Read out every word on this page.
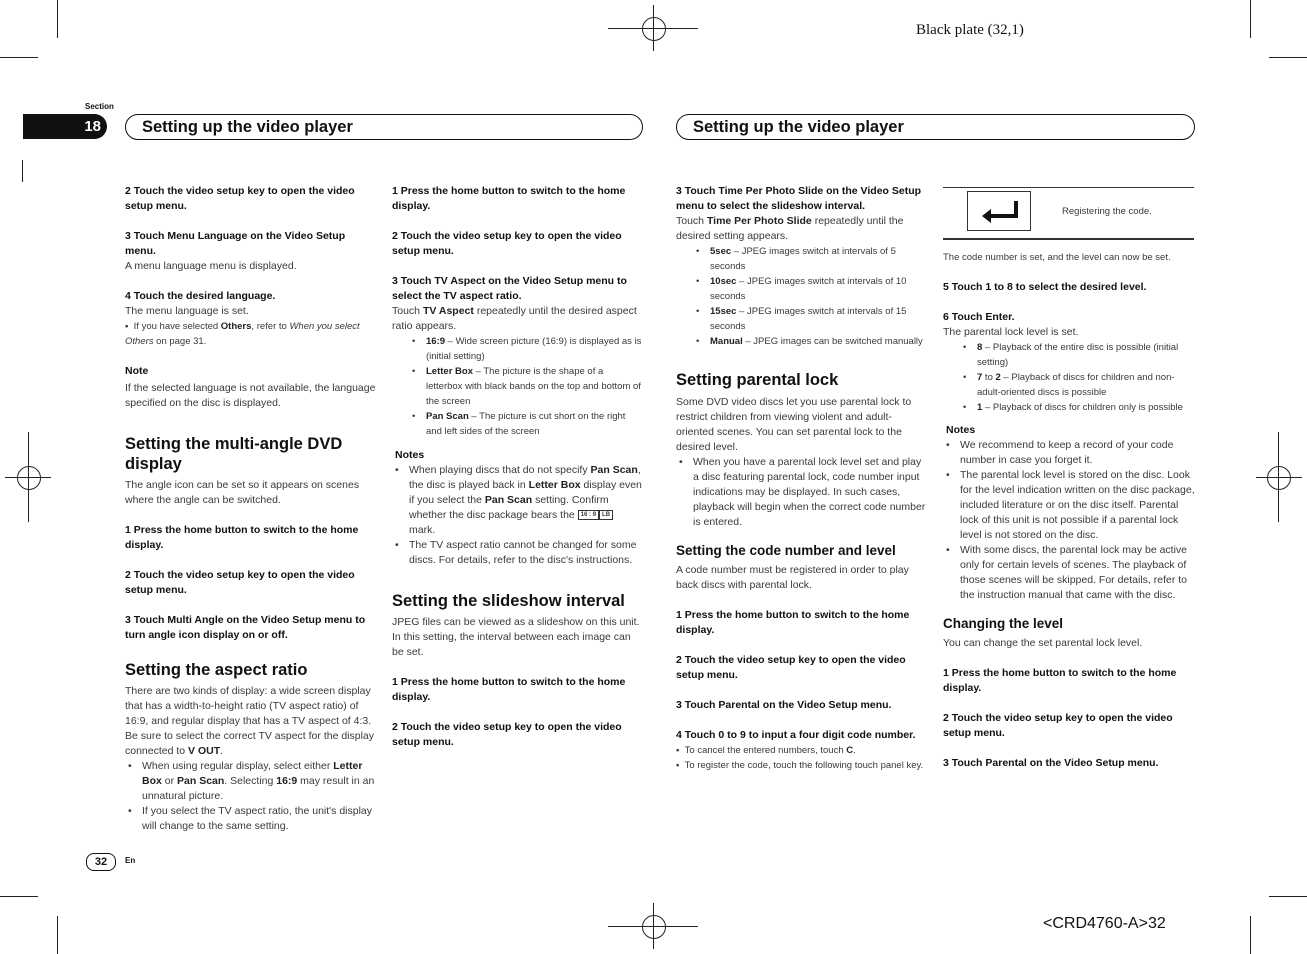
Black plate (32,1)
Section
18	Setting up the video player	Setting up the video player

2 Touch the video setup key to open the video setup menu.

3 Touch Menu Language on the Video Setup menu.

A menu language menu is displayed.

4 Touch the desired language.

The menu language is set.

▪  If you have selected Others, refer to When you select Others on page 31.

Note

If the selected language is not available, the language specified on the disc is displayed.

Setting the multi-angle DVD display

The angle icon can be set so it appears on scenes where the angle can be switched.

1 Press the home button to switch to the home display.

2 Touch the video setup key to open the video setup menu.

3 Touch Multi Angle on the Video Setup menu to turn angle icon display on or off.

Setting the aspect ratio

There are two kinds of display: a wide screen display that has a width-to-height ratio (TV aspect ratio) of 16:9, and regular display that has a TV aspect of 4:3. Be sure to select the correct TV aspect for the display connected to V OUT.

• When using regular display, select either Letter Box or Pan Scan. Selecting 16:9 may result in an unnatural picture.
• If you select the TV aspect ratio, the unit's display will change to the same setting.

1 Press the home button to switch to the home display.

2 Touch the video setup key to open the video setup menu.

3 Touch TV Aspect on the Video Setup menu to select the TV aspect ratio.

Touch TV Aspect repeatedly until the desired aspect ratio appears.

• 16:9 – Wide screen picture (16:9) is displayed as is (initial setting)
• Letter Box – The picture is the shape of a letterbox with black bands on the top and bottom of the screen
• Pan Scan – The picture is cut short on the right and left sides of the screen

Notes

• When playing discs that do not specify Pan Scan, the disc is played back in Letter Box display even if you select the Pan Scan setting. Confirm whether the disc package bears the 16 : 9 LB mark.
• The TV aspect ratio cannot be changed for some discs. For details, refer to the disc's instructions.
Setting the slideshow interval

JPEG files can be viewed as a slideshow on this unit. In this setting, the interval between each image can be set.

1 Press the home button to switch to the home display.

2 Touch the video setup key to open the video setup menu.

3 Touch Time Per Photo Slide on the Video Setup menu to select the slideshow interval.

Touch Time Per Photo Slide repeatedly until the desired setting appears.

• 5sec – JPEG images switch at intervals of 5 seconds
• 10sec – JPEG images switch at intervals of 10 seconds
• 15sec – JPEG images switch at intervals of 15 seconds
• Manual – JPEG images can be switched manually
Setting parental lock

Some DVD video discs let you use parental lock to restrict children from viewing violent and adult-oriented scenes. You can set parental lock to the desired level.

• When you have a parental lock level set and play a disc featuring parental lock, code number input indications may be displayed. In such cases, playback will begin when the correct code number is entered.
Setting the code number and level

A code number must be registered in order to play back discs with parental lock.

1 Press the home button to switch to the home display.

2 Touch the video setup key to open the video setup menu.

3 Touch Parental on the Video Setup menu.

4 Touch 0 to 9 to input a four digit code number.

▪  To cancel the entered numbers, touch C.

▪  To register the code, touch the following touch panel key.

Registering the code.

The code number is set, and the level can now be set.

5 Touch 1 to 8 to select the desired level.

6 Touch Enter.

The parental lock level is set.

• 8 – Playback of the entire disc is possible (initial setting)
• 7 to 2 – Playback of discs for children and non-adult-oriented discs is possible
• 1 – Playback of discs for children only is possible

Notes

• We recommend to keep a record of your code number in case you forget it.
• The parental lock level is stored on the disc. Look for the level indication written on the disc package, included literature or on the disc itself. Parental lock of this unit is not possible if a parental lock level is not stored on the disc.
• With some discs, the parental lock may be active only for certain levels of scenes. The playback of those scenes will be skipped. For details, refer to the instruction manual that came with the disc.
Changing the level

You can change the set parental lock level.

1 Press the home button to switch to the home display.

2 Touch the video setup key to open the video setup menu.

3 Touch Parental on the Video Setup menu.

32	En
<CRD4760-A>32
